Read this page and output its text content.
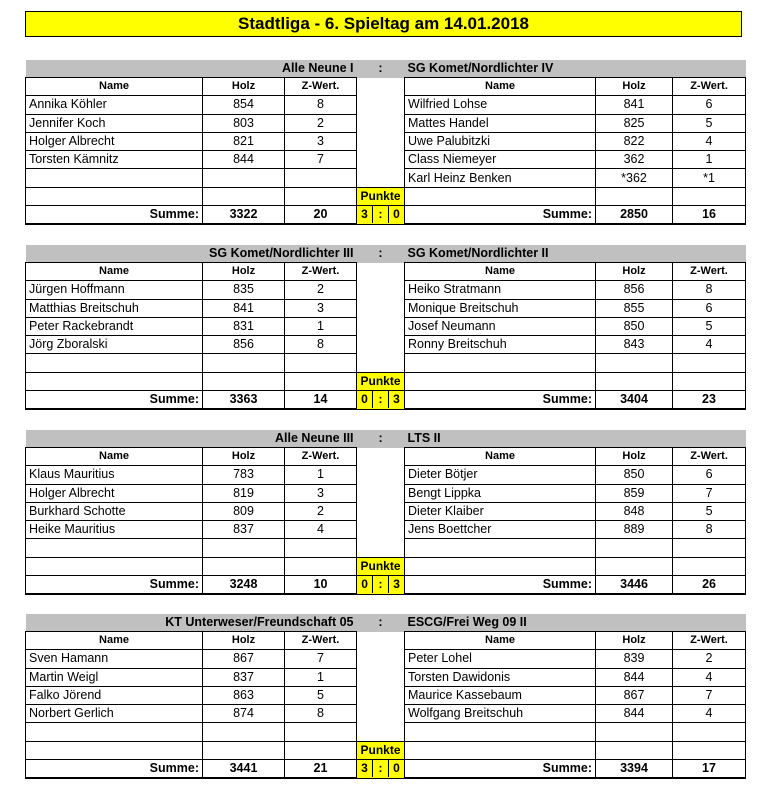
Stadtliga - 6. Spieltag am 14.01.2018
Alle Neune I			:	SG Komet/Nordlichter IV		
Name	Holz	Z-Wert.		Name	Holz	Z-Wert.
Annika Köhler	854	8		Wilfried Lohse	841	6
Jennifer Koch	803	2		Mattes Handel	825	5
Holger Albrecht	821	3		Uwe Palubitzki	822	4
Torsten Kämnitz	844	7		Class Niemeyer	362	1
				Karl Heinz Benken	*362	*1
			Punkte			
Summe:	3322	20	3 : 0	Summe:	2850	16
SG Komet/Nordlichter III			:	SG Komet/Nordlichter II		
Name	Holz	Z-Wert.		Name	Holz	Z-Wert.
Jürgen Hoffmann	835	2		Heiko Stratmann	856	8
Matthias Breitschuh	841	3		Monique Breitschuh	855	6
Peter Rackebrandt	831	1		Josef Neumann	850	5
Jörg Zboralski	856	8		Ronny Breitschuh	843	4

			Punkte			
Summe:	3363	14	0 : 3	Summe:	3404	23
Alle Neune III			:	LTS II		
Name	Holz	Z-Wert.		Name	Holz	Z-Wert.
Klaus Mauritius	783	1		Dieter Bötjer	850	6
Holger Albrecht	819	3		Bengt Lippka	859	7
Burkhard Schotte	809	2		Dieter Klaiber	848	5
Heike Mauritius	837	4		Jens Boettcher	889	8

			Punkte			
Summe:	3248	10	0 : 3	Summe:	3446	26
KT Unterweser/Freundschaft 05			:	ESCG/Frei Weg 09 II		
Name	Holz	Z-Wert.		Name	Holz	Z-Wert.
Sven Hamann	867	7		Peter Lohel	839	2
Martin Weigl	837	1		Torsten Dawidonis	844	4
Falko Jörend	863	5		Maurice Kassebaum	867	7
Norbert Gerlich	874	8		Wolfgang Breitschuh	844	4

			Punkte			
Summe:	3441	21	3 : 0	Summe:	3394	17
